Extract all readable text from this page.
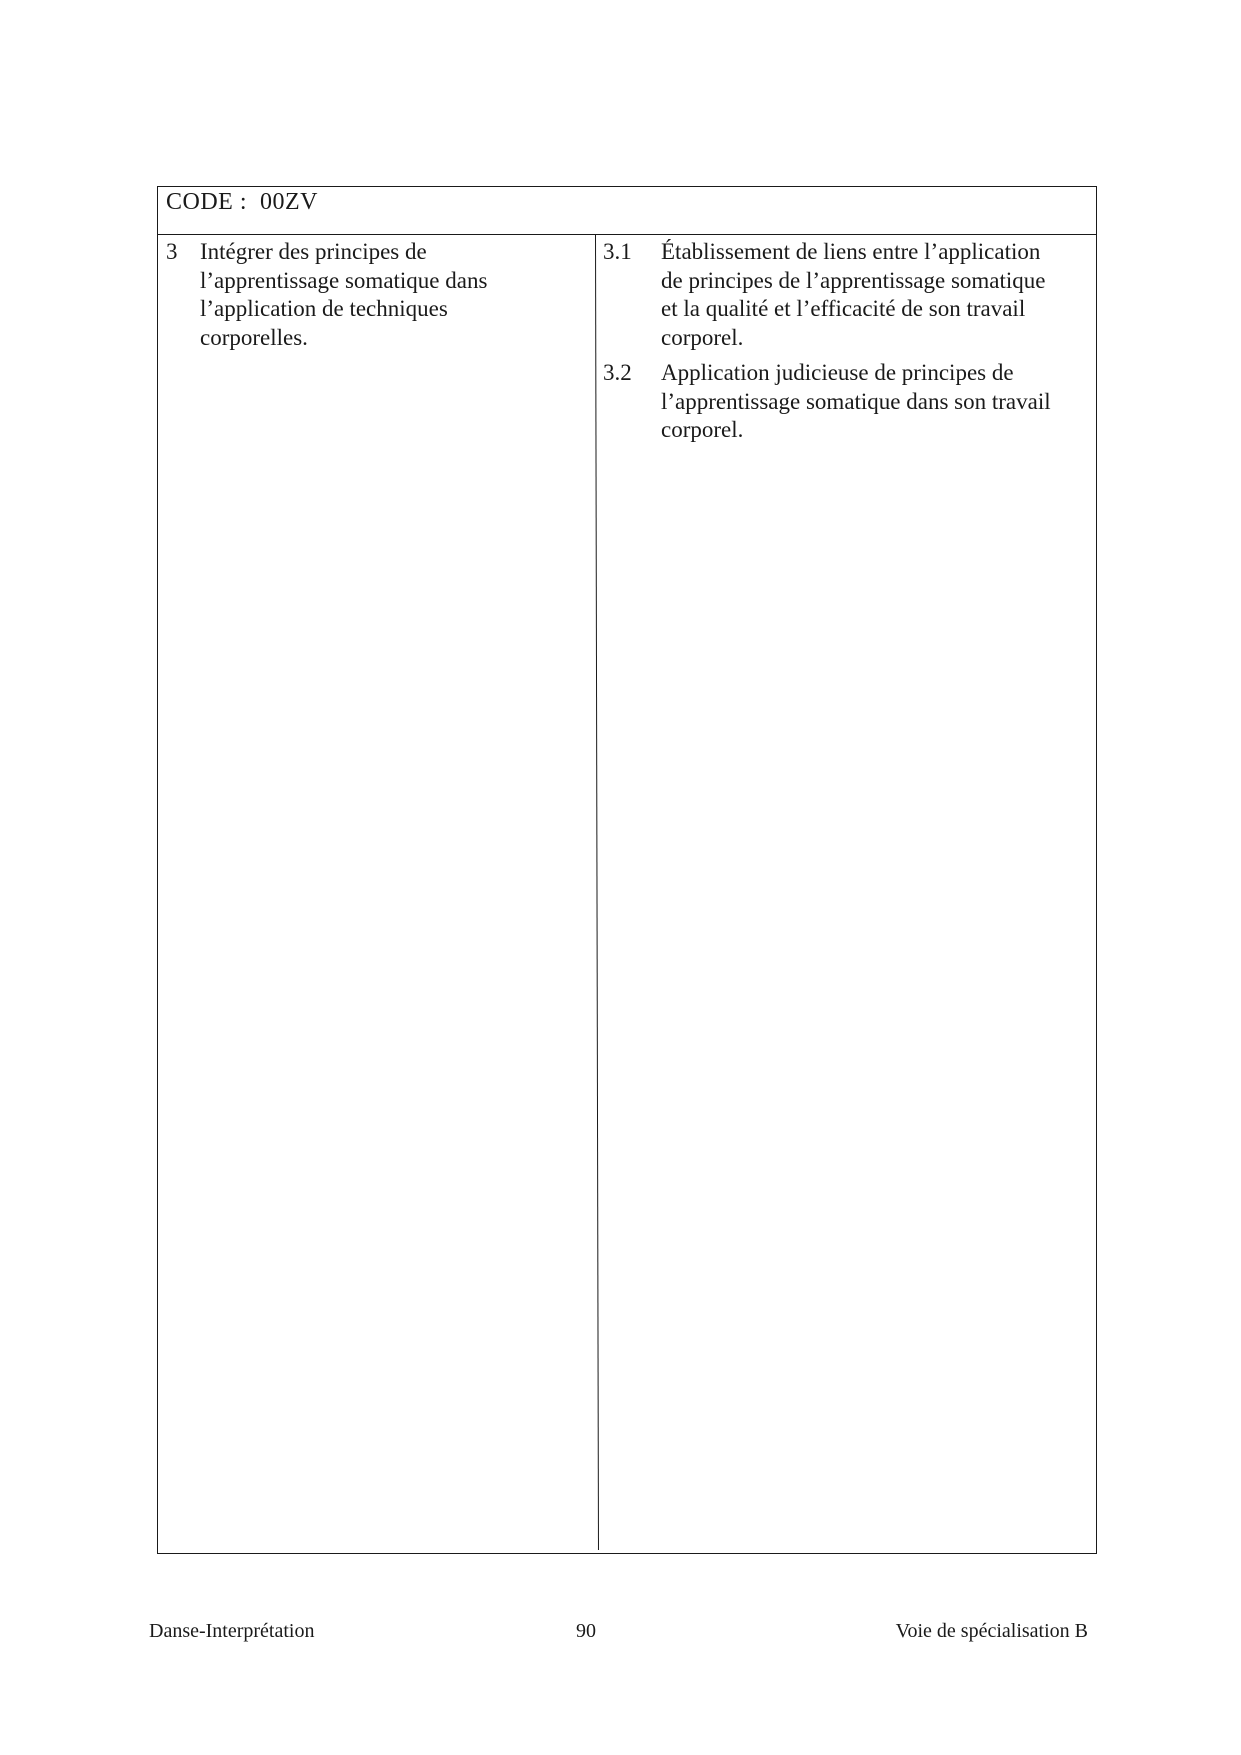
CODE : 00ZV
3 Intégrer des principes de
l’apprentissage somatique dans
l’application de techniques
corporelles.
3.1	Établissement de liens entre l’application
de principes de l’apprentissage somatique
et la qualité et l’efficacité de son travail
corporel.
3.2	Application judicieuse de principes de
l’apprentissage somatique dans son travail
corporel.
Danse-Interprétation	90	Voie de spécialisation B
